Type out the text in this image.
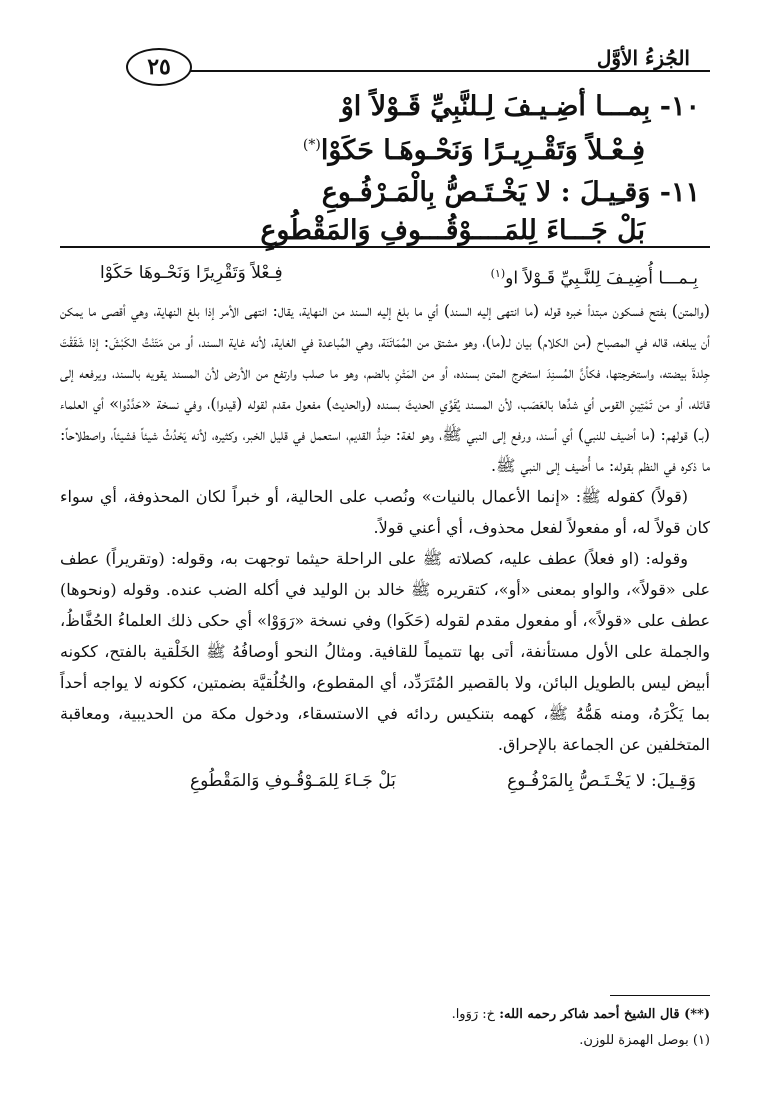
الجُزءُ الأوَّل
٢٥
١٠- بِمـــا أضِـيـفَ لِـلنَّبِيِّ قَـوْلاً اوْ
فِـعْـلاً وَتَقْـرِيـرًا وَنَحْـوهَـا حَكَوْا(*)
١١- وَقـِيـلَ : لا يَخْـتَـصُّ بِالْمَـرْفُـوعِ
بَلْ جَـــاءَ لِلمَــــوْقُـــوفِ وَالمَقْطُوعِ
بِـمـــا أُضِيـفَ لِلنَّـبِيِّ قَـوْلاً او$^{(١)}$
فِـعْلاً وَتَقْرِيرًا وَنَحْـوهَا حَكَوْا

(والمتن) بفتح فسكون مبتدأ خبره قوله (ما انتهى إليه السند) أي ما بلغ إليه السند من النهاية، يقال: انتهى الأمر إذا بلغ النهاية، وهي أقصى ما يمكن أن يبلغه، قاله في المصباح (من الكلام) بيان لـ(ما)، وهو مشتق من المُمَاتَنَة، وهي المُباعدة في الغاية، لأنه غاية السند، أو من مَتَنْتُ الكَبْشَ: إذا شَقَقْتَ جِلدةَ بيضته، واستخرجتها، فكأنَّ المُسنِدَ استخرج المتن بسنده، أو من المَتْنِ بالضم، وهو ما صلب وارتفع من الأرض لأن المسند يقويه بالسند، ويرفعه إلى قائله، أو من تَمْتِينِ القوس أي شدِّها بالعَصَب، لأن المسند يُقَوِّي الحديثَ بسنده (والحديث) مفعول مقدم لقوله (قيدوا)، وفي نسخة «حَدَّدُوا» أي العلماء (بـ) قولهم: (ما أضيف للنبي) أي أسند، ورفع إلى النبي ﷺ، وهو لغة: ضِدُّ القديم، استعمل في قليل الخبر، وكثيره، لأنه يَحْدُثُ شيئاً فشيئاً، واصطلاحاً: ما ذكره في النظم بقوله: ما أُضيف إلى النبي ﷺ.

(قولاً) كقوله ﷺ: «إنما الأعمال بالنيات» ونُصب على الحالية، أو خبراً لكان المحذوفة، أي سواء كان قولاً له، أو مفعولاً لفعل محذوف، أي أعني قولاً.

وقوله: (او فعلاً) عطف عليه، كصلاته ﷺ على الراحلة حيثما توجهت به، وقوله: (وتقريراً) عطف على «قولاً»، والواو بمعنى «أو»، كتقريره ﷺ خالد بن الوليد في أكله الضب عنده. وقوله (ونحوها) عطف على «قولاً»، أو مفعول مقدم لقوله (حَكَوا) وفي نسخة «رَوَوْا» أي حكى ذلك العلماءُ الحُفَّاظُ، والجملة على الأول مستأنفة، أتى بها تتميماً للقافية. ومثالُ النحو أوصافُهُ ﷺ الخَلْقية بالفتح، ككونه أبيض ليس بالطويل البائن، ولا بالقصير المُتَرَدِّد، أي المقطوع، والخُلُقيَّة بضمتين، ككونه لا يواجه أحداً بما يَكْرَهُ، ومنه هَمُّهُ ﷺ، كهمه بتنكيس ردائه في الاستسقاء، ودخول مكة من الحديبية، ومعاقبة المتخلفين عن الجماعة بالإحراق.

وَقِـيلَ: لا يَخْـتَـصُّ بِالمَرْفُـوعِ
بَلْ جَـاءَ لِلمَـوْقُـوفِ وَالمَقْطُوعِ
(**) قال الشيخ أحمد شاكر رحمه الله: خ: رَوَوا.
(١) بوصل الهمزة للوزن.
